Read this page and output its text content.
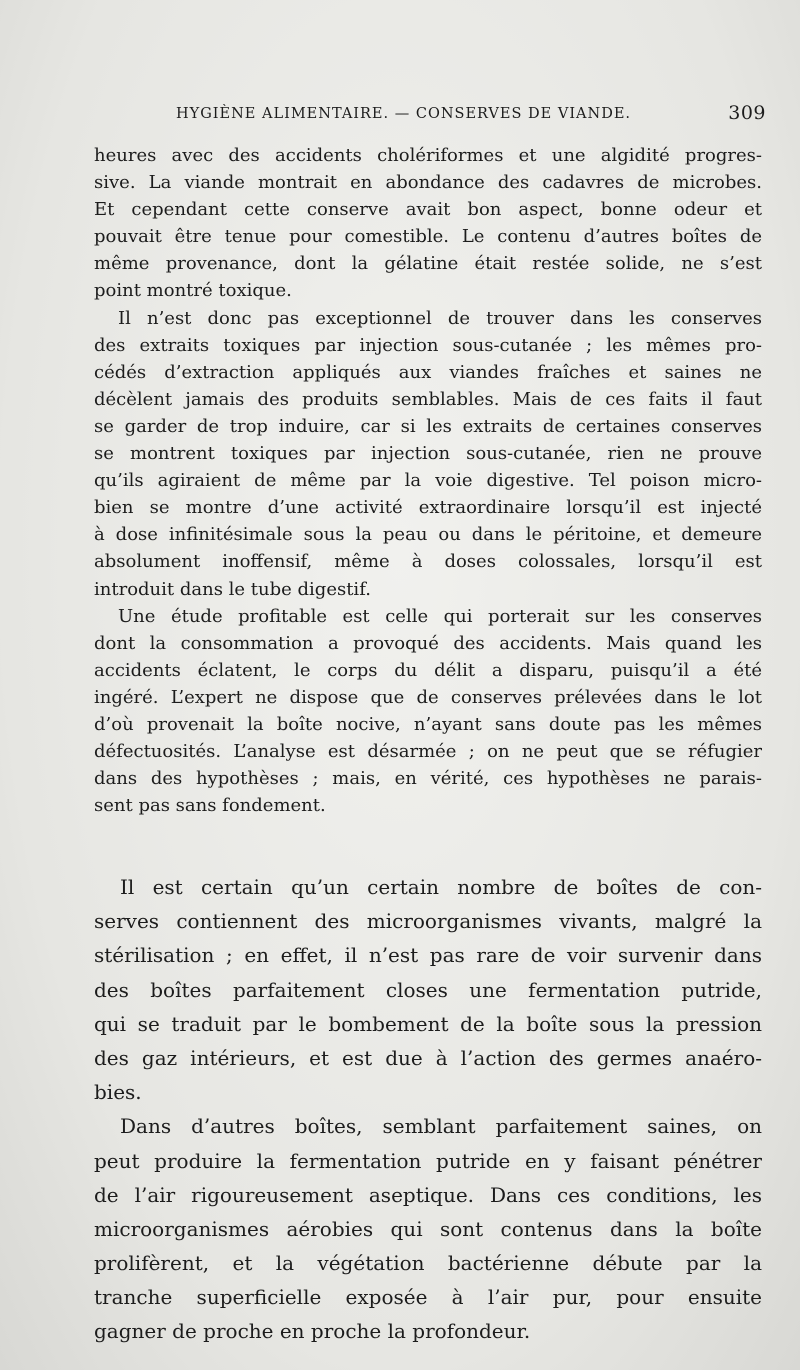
HYGIÈNE ALIMENTAIRE. — CONSERVES DE VIANDE.	309
heures avec des accidents cholériformes et une algidité progres-
sive. La viande montrait en abondance des cadavres de microbes.
Et cependant cette conserve avait bon aspect, bonne odeur et
pouvait être tenue pour comestible. Le contenu d’autres boîtes de
même provenance, dont la gélatine était restée solide, ne s’est
point montré toxique.
Il n’est donc pas exceptionnel de trouver dans les conserves
des extraits toxiques par injection sous-cutanée ; les mêmes pro-
cédés d’extraction appliqués aux viandes fraîches et saines ne
décèlent jamais des produits semblables. Mais de ces faits il faut
se garder de trop induire, car si les extraits de certaines conserves
se montrent toxiques par injection sous-cutanée, rien ne prouve
qu’ils agiraient de même par la voie digestive. Tel poison micro-
bien se montre d’une activité extraordinaire lorsqu’il est injecté
à dose infinitésimale sous la peau ou dans le péritoine, et demeure
absolument inoffensif, même à doses colossales, lorsqu’il est
introduit dans le tube digestif.
Une étude profitable est celle qui porterait sur les conserves
dont la consommation a provoqué des accidents. Mais quand les
accidents éclatent, le corps du délit a disparu, puisqu’il a été
ingéré. L’expert ne dispose que de conserves prélevées dans le lot
d’où provenait la boîte nocive, n’ayant sans doute pas les mêmes
défectuosités. L’analyse est désarmée ; on ne peut que se réfugier
dans des hypothèses ; mais, en vérité, ces hypothèses ne parais-
sent pas sans fondement.
Il est certain qu’un certain nombre de boîtes de con-
serves contiennent des microorganismes vivants, malgré la
stérilisation ; en effet, il n’est pas rare de voir survenir dans
des boîtes parfaitement closes une fermentation putride,
qui se traduit par le bombement de la boîte sous la pression
des gaz intérieurs, et est due à l’action des germes anaéro-
bies.
Dans d’autres boîtes, semblant parfaitement saines, on
peut produire la fermentation putride en y faisant pénétrer
de l’air rigoureusement aseptique. Dans ces conditions, les
microorganismes aérobies qui sont contenus dans la boîte
prolifèrent, et la végétation bactérienne débute par la
tranche superficielle exposée à l’air pur, pour ensuite
gagner de proche en proche la profondeur.
